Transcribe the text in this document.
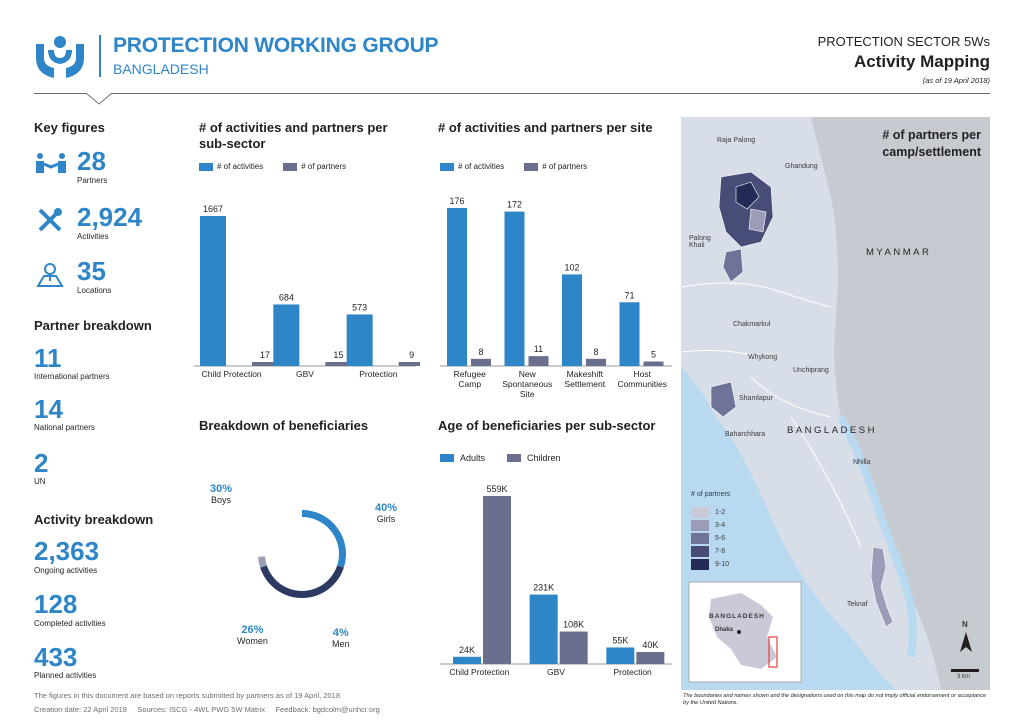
PROTECTION WORKING GROUP
BANGLADESH
PROTECTION SECTOR 5Ws
Activity Mapping
(as of 19 April 2018)
Key figures
28
Partners
2,924
Activities
35
Locations
Partner breakdown
11
International partners
14
National partners
2
UN
Activity breakdown
2,363
Ongoing activities
128
Completed activities
433
Planned activities
# of activities and partners per sub-sector
# of activities	# of partners
1667
17
Child Protection
684
15
GBV
573
9
Protection
# of activities and partners per site
# of activities	# of partners
176
8
Refugee
Camp
172
11
New
Spontaneous
Site
102
8
Makeshift
Settlement
71
5
Host
Communities
Breakdown of beneficiaries
30%
Boys
40%
Girls
26%
Women
4%
Men
Age of beneficiaries per sub-sector
Adults	Children
24K
559K
Child Protection
231K
108K
GBV
55K 40K
Protection
# of partners per camp/settlement
Raja Palong
Ghandung
Palong Khali
MYANMAR
Chakmarkul
Whykong
Unchiprang
Shamlapur
Baharchhara BANGLADESH
Nhilla
Teknaf
BANGLADESH
Dhaka
N
3 km
# of partners
1-2
3-4
5-6
7-8
9-10
The boundaries and names shown and the designations used on this map do not imply official endorsement or acceptance by the United Nations.
The figures in this document are based on reports submitted by partners as of 19 April, 2018
Creation date: 22 April 2018     Sources: ISCG - 4WL PWG 5W Matrix     Feedback: bgdcolm@unhcr.org
